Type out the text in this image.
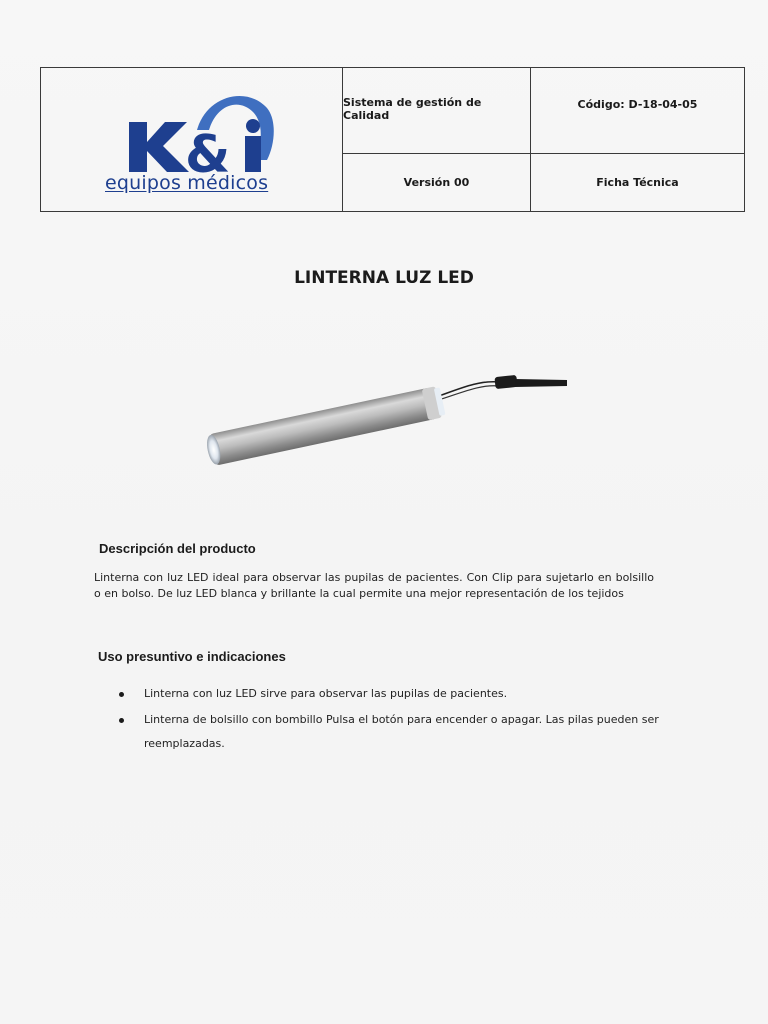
&
equipos médicos
Sistema de gestión de Calidad
Código: D-18-04-05
Versión 00	Ficha Técnica
LINTERNA LUZ LED
Descripción del producto
Linterna con luz LED ideal para observar las pupilas de pacientes. Con Clip para sujetarlo en bolsillo o en bolso. De luz LED blanca y brillante la cual permite una mejor representación de los tejidos
Uso presuntivo e indicaciones
Linterna con luz LED sirve para observar las pupilas de pacientes.
Linterna de bolsillo con bombillo Pulsa el botón para encender o apagar. Las pilas pueden ser reemplazadas.
